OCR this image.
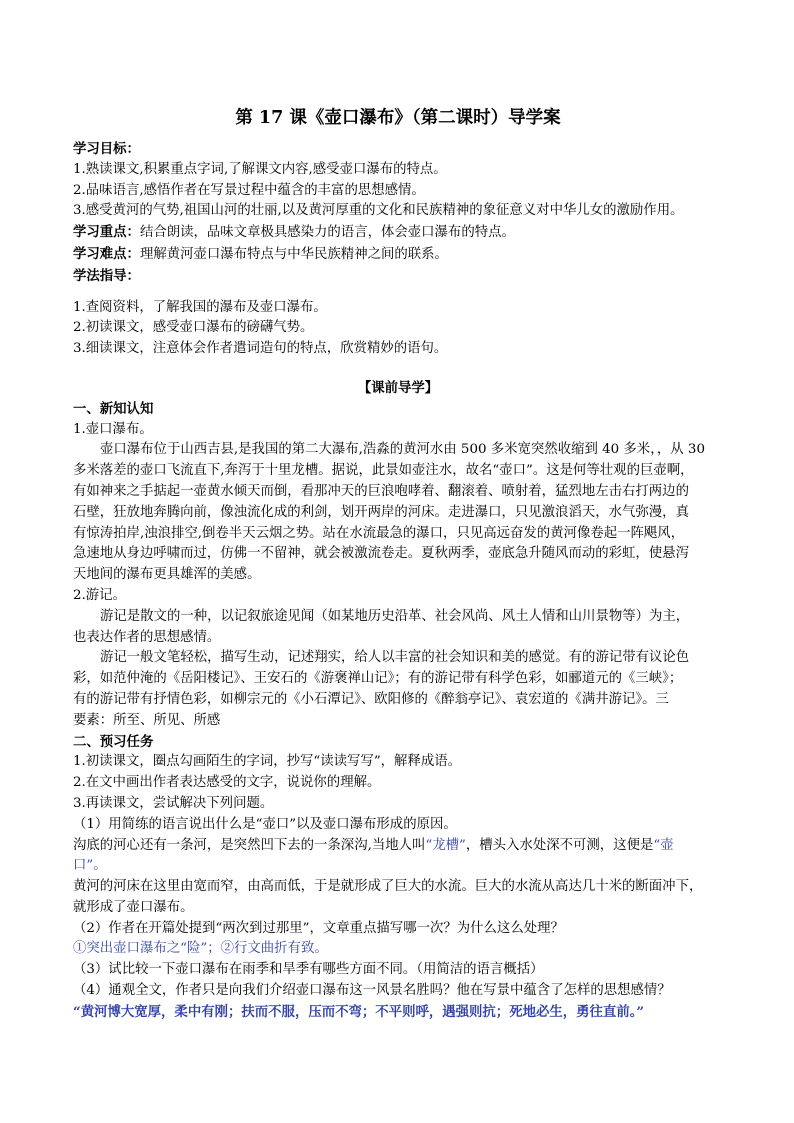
第 17 课《壶口瀑布》（第二课时）导学案
学习目标：
1.熟读课文,积累重点字词,了解课文内容,感受壶口瀑布的特点。
2.品味语言,感悟作者在写景过程中蕴含的丰富的思想感情。
3.感受黄河的气势,祖国山河的壮丽,以及黄河厚重的文化和民族精神的象征意义对中华儿女的激励作用。
学习重点：结合朗读，品味文章极具感染力的语言，体会壶口瀑布的特点。
学习难点：理解黄河壶口瀑布特点与中华民族精神之间的联系。
学法指导：
1.查阅资料，了解我国的瀑布及壶口瀑布。
2.初读课文，感受壶口瀑布的磅礴气势。
3.细读课文，注意体会作者遣词造句的特点，欣赏精妙的语句。
【课前导学】
一、新知认知
1.壶口瀑布。
壶口瀑布位于山西吉县,是我国的第二大瀑布,浩淼的黄河水由 500 多米宽突然收缩到 40 多米，，从 30
多米落差的壶口飞流直下,奔泻于十里龙槽。据说，此景如壶注水，故名“壶口”。这是何等壮观的巨壶啊，
有如神来之手掂起一壶黄水倾天而倒，看那冲天的巨浪咆哮着、翻滚着、喷射着，猛烈地左击右打两边的
石壁，狂放地奔腾向前，像浊流化成的利剑，划开两岸的河床。走进瀑口，只见激浪滔天，水气弥漫，真
有惊涛拍岸,浊浪排空,倒卷半天云烟之势。站在水流最急的瀑口，只见高远奋发的黄河像卷起一阵飓风，
急速地从身边呼啸而过，仿佛一不留神，就会被激流卷走。夏秋两季，壶底急升随风而动的彩虹，使悬泻
天地间的瀑布更具雄浑的美感。
2.游记。
游记是散文的一种，以记叙旅途见闻（如某地历史沿革、社会风尚、风土人情和山川景物等）为主，
也表达作者的思想感情。
游记一般文笔轻松，描写生动，记述翔实，给人以丰富的社会知识和美的感觉。有的游记带有议论色
彩，如范仲淹的《岳阳楼记》、王安石的《游褒禅山记》；有的游记带有科学色彩，如郦道元的《三峡》；
有的游记带有抒情色彩，如柳宗元的《小石潭记》、欧阳修的《醉翁亭记》、袁宏道的《满井游记》。三
要素：所至、所见、所感
二、预习任务
1.初读课文，圈点勾画陌生的字词，抄写“读读写写”，解释成语。
2.在文中画出作者表达感受的文字，说说你的理解。
3.再读课文，尝试解决下列问题。
（1）用简练的语言说出什么是“壶口”以及壶口瀑布形成的原因。
沟底的河心还有一条河，是突然凹下去的一条深沟,当地人叫“龙槽”，槽头入水处深不可测，这便是“壶
口”。
黄河的河床在这里由宽而窄，由高而低，于是就形成了巨大的水流。巨大的水流从高达几十米的断面冲下，
就形成了壶口瀑布。
（2）作者在开篇处提到“两次到过那里”，文章重点描写哪一次？为什么这么处理？
①突出壶口瀑布之“险”；②行文曲折有致。
（3）试比较一下壶口瀑布在雨季和旱季有哪些方面不同。（用简洁的语言概括）
（4）通观全文，作者只是向我们介绍壶口瀑布这一风景名胜吗？他在写景中蕴含了怎样的思想感情？
“黄河博大宽厚，柔中有刚；扶而不服，压而不弯；不平则呼，遇强则抗；死地必生，勇往直前。”
